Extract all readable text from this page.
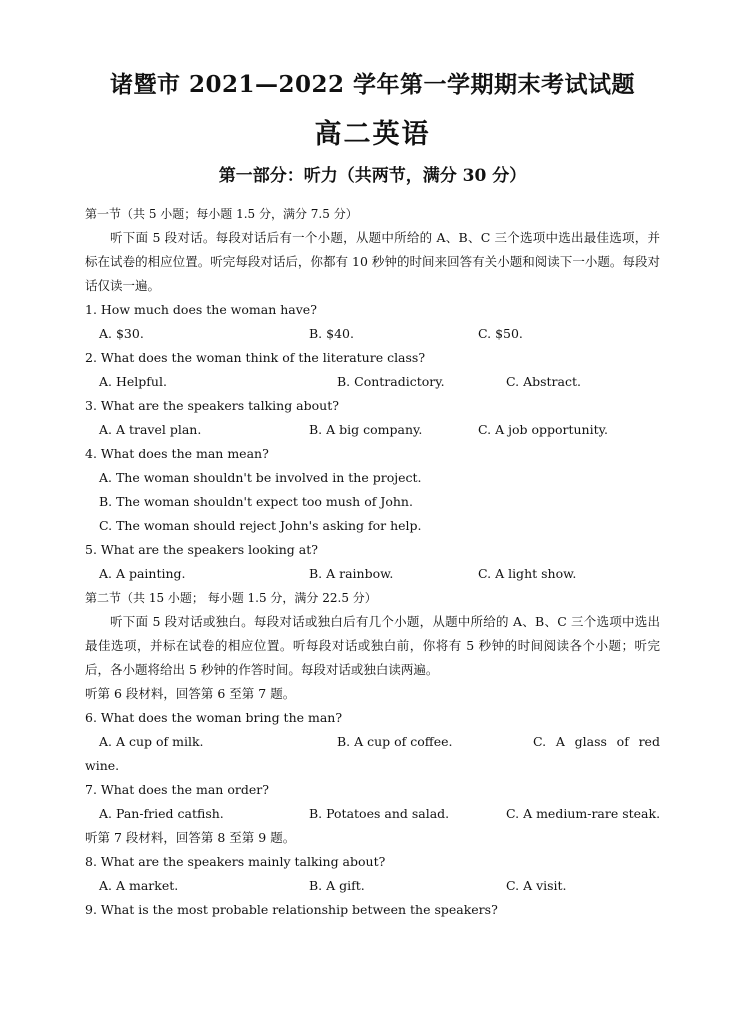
诸暨市 2021—2022 学年第一学期期末考试试题
高二英语
第一部分：听力（共两节，满分 30 分）
第一节（共 5 小题；每小题 1.5 分，满分 7.5 分）
听下面 5 段对话。每段对话后有一个小题，从题中所给的 A、B、C 三个选项中选出最佳选项，并标在试卷的相应位置。听完每段对话后，你都有 10 秒钟的时间来回答有关小题和阅读下一小题。每段对话仅读一遍。
1. How much does the woman have?
A. $30.	B. $40.	C. $50.
2. What does the woman think of the literature class?
A. Helpful.	B. Contradictory.	C. Abstract.
3. What are the speakers talking about?
A. A travel plan.	B. A big company.	C. A job opportunity.
4. What does the man mean?
A. The woman shouldn't be involved in the project.
B. The woman shouldn't expect too mush of John.
C. The woman should reject John's asking for help.
5. What are the speakers looking at?
A. A painting.	B. A rainbow.	C. A light show.
第二节（共 15 小题； 每小题 1.5 分，满分 22.5 分）
听下面 5 段对话或独白。每段对话或独白后有几个小题，从题中所给的 A、B、C 三个选项中选出最佳选项，并标在试卷的相应位置。听每段对话或独白前，你将有 5 秒钟的时间阅读各个小题；听完后，各小题将给出 5 秒钟的作答时间。每段对话或独白读两遍。
听第 6 段材料，回答第 6 至第 7 题。
6. What does the woman bring the man?
A. A cup of milk.	B. A cup of coffee.	C. A glass of red
wine.
7. What does the man order?
A. Pan-fried catfish.	B. Potatoes and salad.	C. A medium-rare steak.
听第 7 段材料，回答第 8 至第 9 题。
8. What are the speakers mainly talking about?
A. A market.	B. A gift.	C. A visit.
9. What is the most probable relationship between the speakers?
